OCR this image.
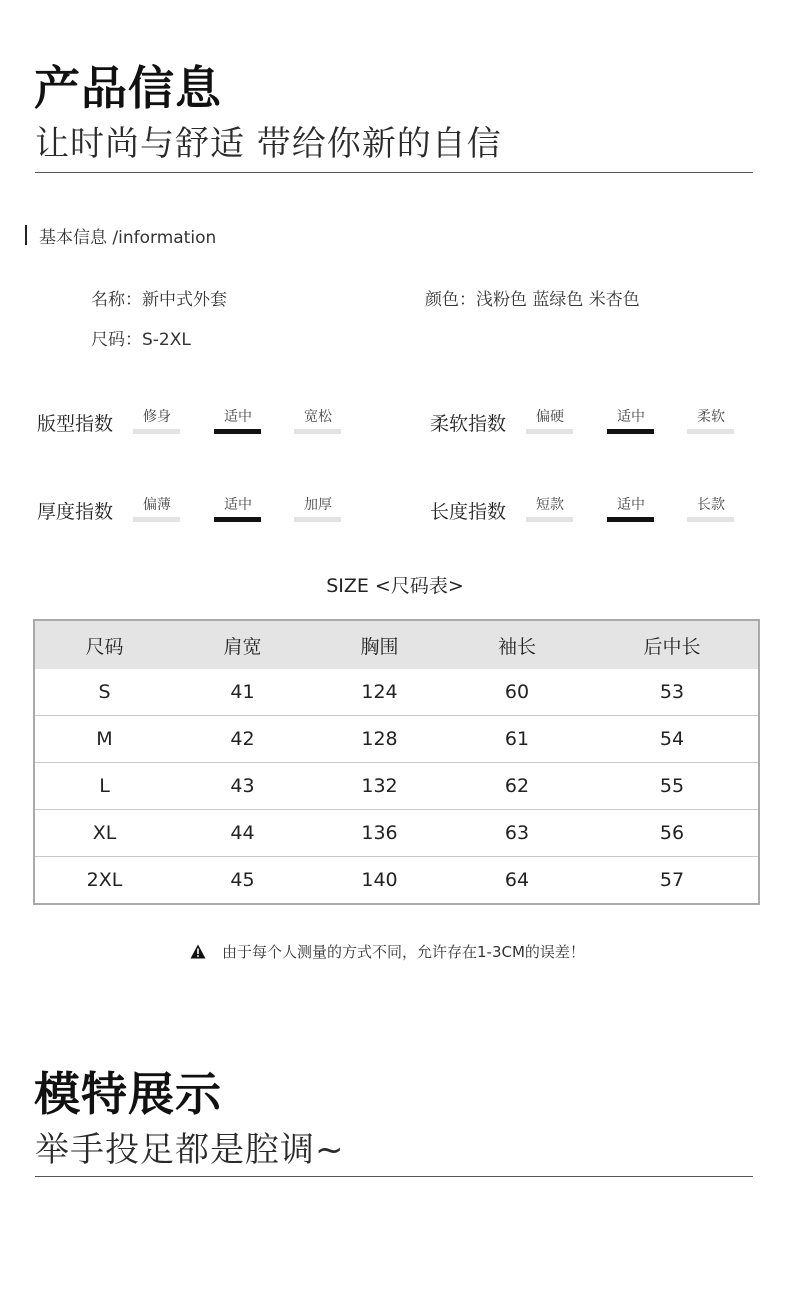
产品信息
让时尚与舒适 带给你新的自信
基本信息 /information
名称：新中式外套	颜色：浅粉色 蓝绿色 米杏色
尺码：S-2XL
版型指数	修身	适中	宽松	柔软指数	偏硬	适中	柔软
厚度指数	偏薄	适中	加厚	长度指数	短款	适中	长款
SIZE <尺码表>
尺码	肩宽	胸围	袖长	后中长
S	41	124	60	53
M	42	128	61	54
L	43	132	62	55
XL	44	136	63	56
2XL	45	140	64	57
由于每个人测量的方式不同，允许存在1-3CM的误差！
模特展示
举手投足都是腔调~
